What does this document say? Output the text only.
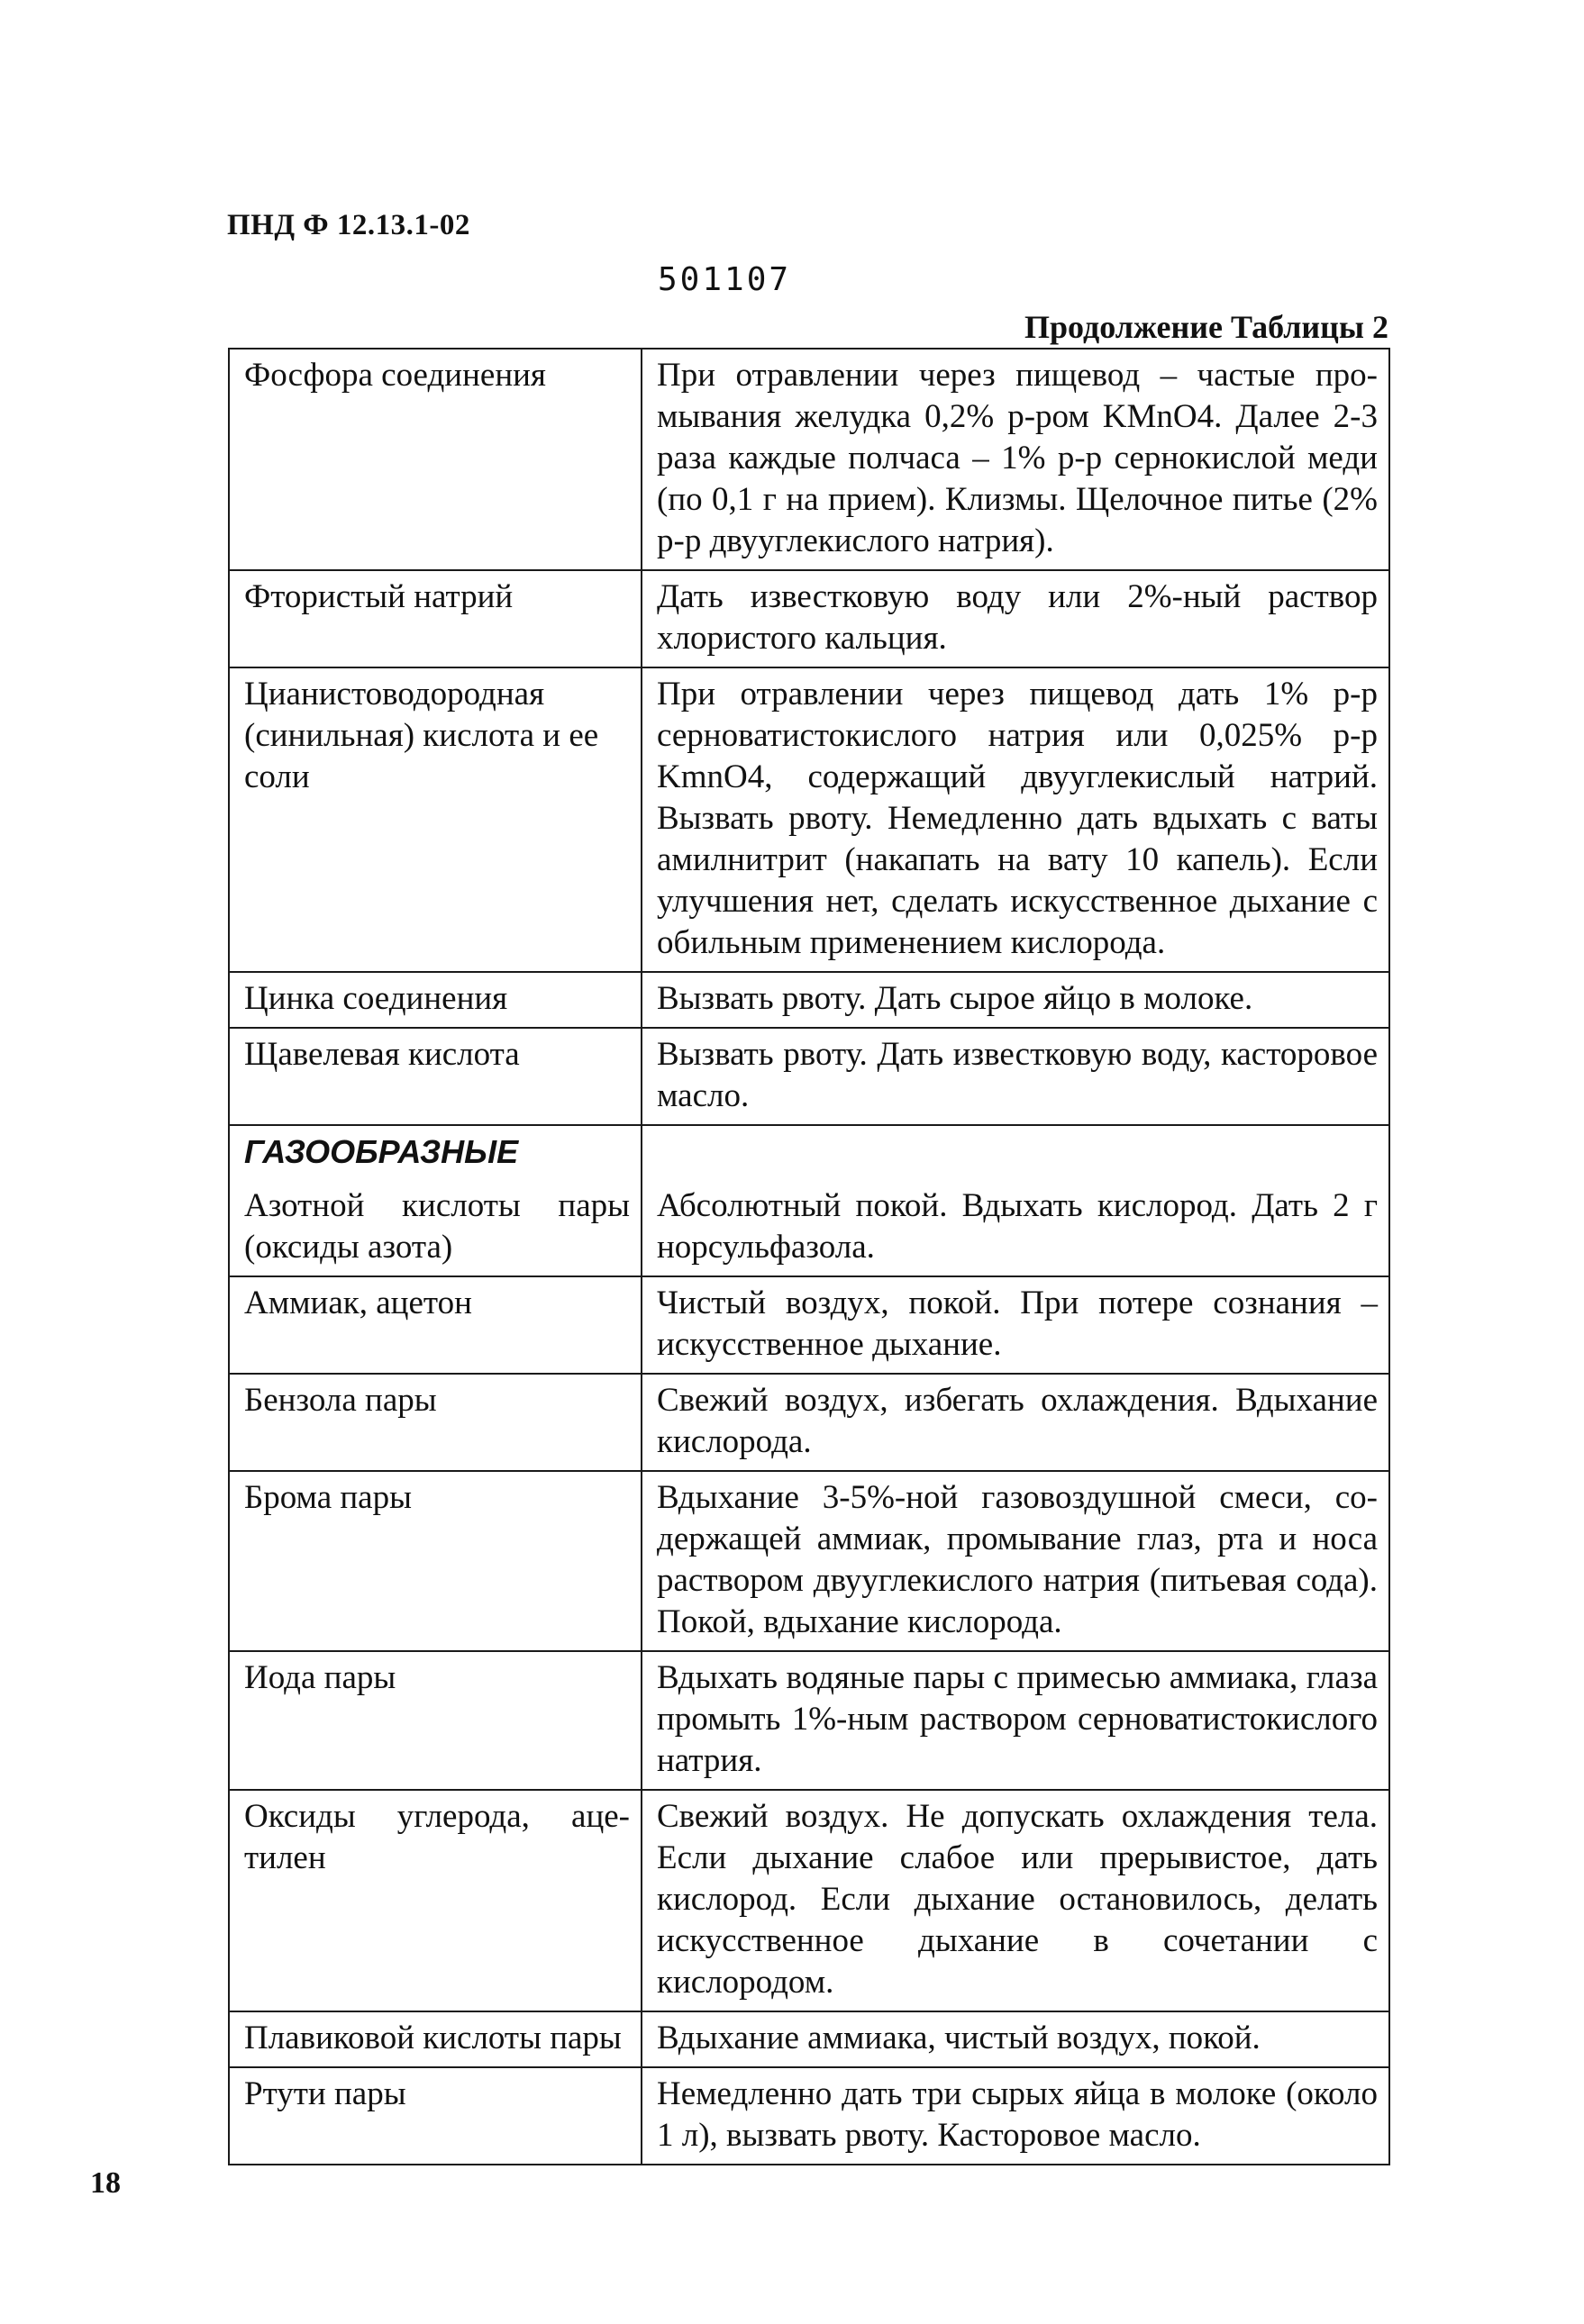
ПНД Ф 12.13.1-02
501107
Продолжение Таблицы 2
Фосфора соединения	При отравлении через пищевод – частые промывания желудка 0,2% р-ром KMnO4. Далее 2-3 раза каждые полчаса – 1% р-р сернокислой меди (по 0,1 г на прием). Клизмы. Щелочное питье (2% р-р двууглекислого натрия).
Фтористый натрий	Дать известковую воду или 2%-ный раствор хлористого кальция.
Цианистоводородная (синильная) кислота и ее соли	При отравлении через пищевод дать 1% р-р серноватистокислого натрия или 0,025% р-р KmnO4, содержащий двууглекислый натрий. Вызвать рвоту. Немедленно дать вдыхать с ваты амилнитрит (накапать на вату 10 капель). Если улучшения нет, сделать искусственное дыхание с обильным применением кислорода.
Цинка соединения	Вызвать рвоту. Дать сырое яйцо в молоке.
Щавелевая кислота	Вызвать рвоту. Дать известковую воду, касторовое масло.
ГАЗООБРАЗНЫЕ	
Азотной кислоты пары (оксиды азота)	Абсолютный покой. Вдыхать кислород. Дать 2 г норсульфазола.
Аммиак, ацетон	Чистый воздух, покой. При потере сознания – искусственное дыхание.
Бензола пары	Свежий воздух, избегать охлаждения. Вдыхание кислорода.
Брома пары	Вдыхание 3-5%-ной газовоздушной смеси, содержащей аммиак, промывание глаз, рта и носа раствором двууглекислого натрия (питьевая сода). Покой, вдыхание кислорода.
Иода пары	Вдыхать водяные пары с примесью аммиака, глаза промыть 1%-ным раствором серноватистокислого натрия.
Оксиды углерода, ацетилен	Свежий воздух. Не допускать охлаждения тела. Если дыхание слабое или прерывистое, дать кислород. Если дыхание остановилось, делать искусственное дыхание в сочетании с кислородом.
Плавиковой кислоты пары	Вдыхание аммиака, чистый воздух, покой.
Ртути пары	Немедленно дать три сырых яйца в молоке (около 1 л), вызвать рвоту. Касторовое масло.
18
